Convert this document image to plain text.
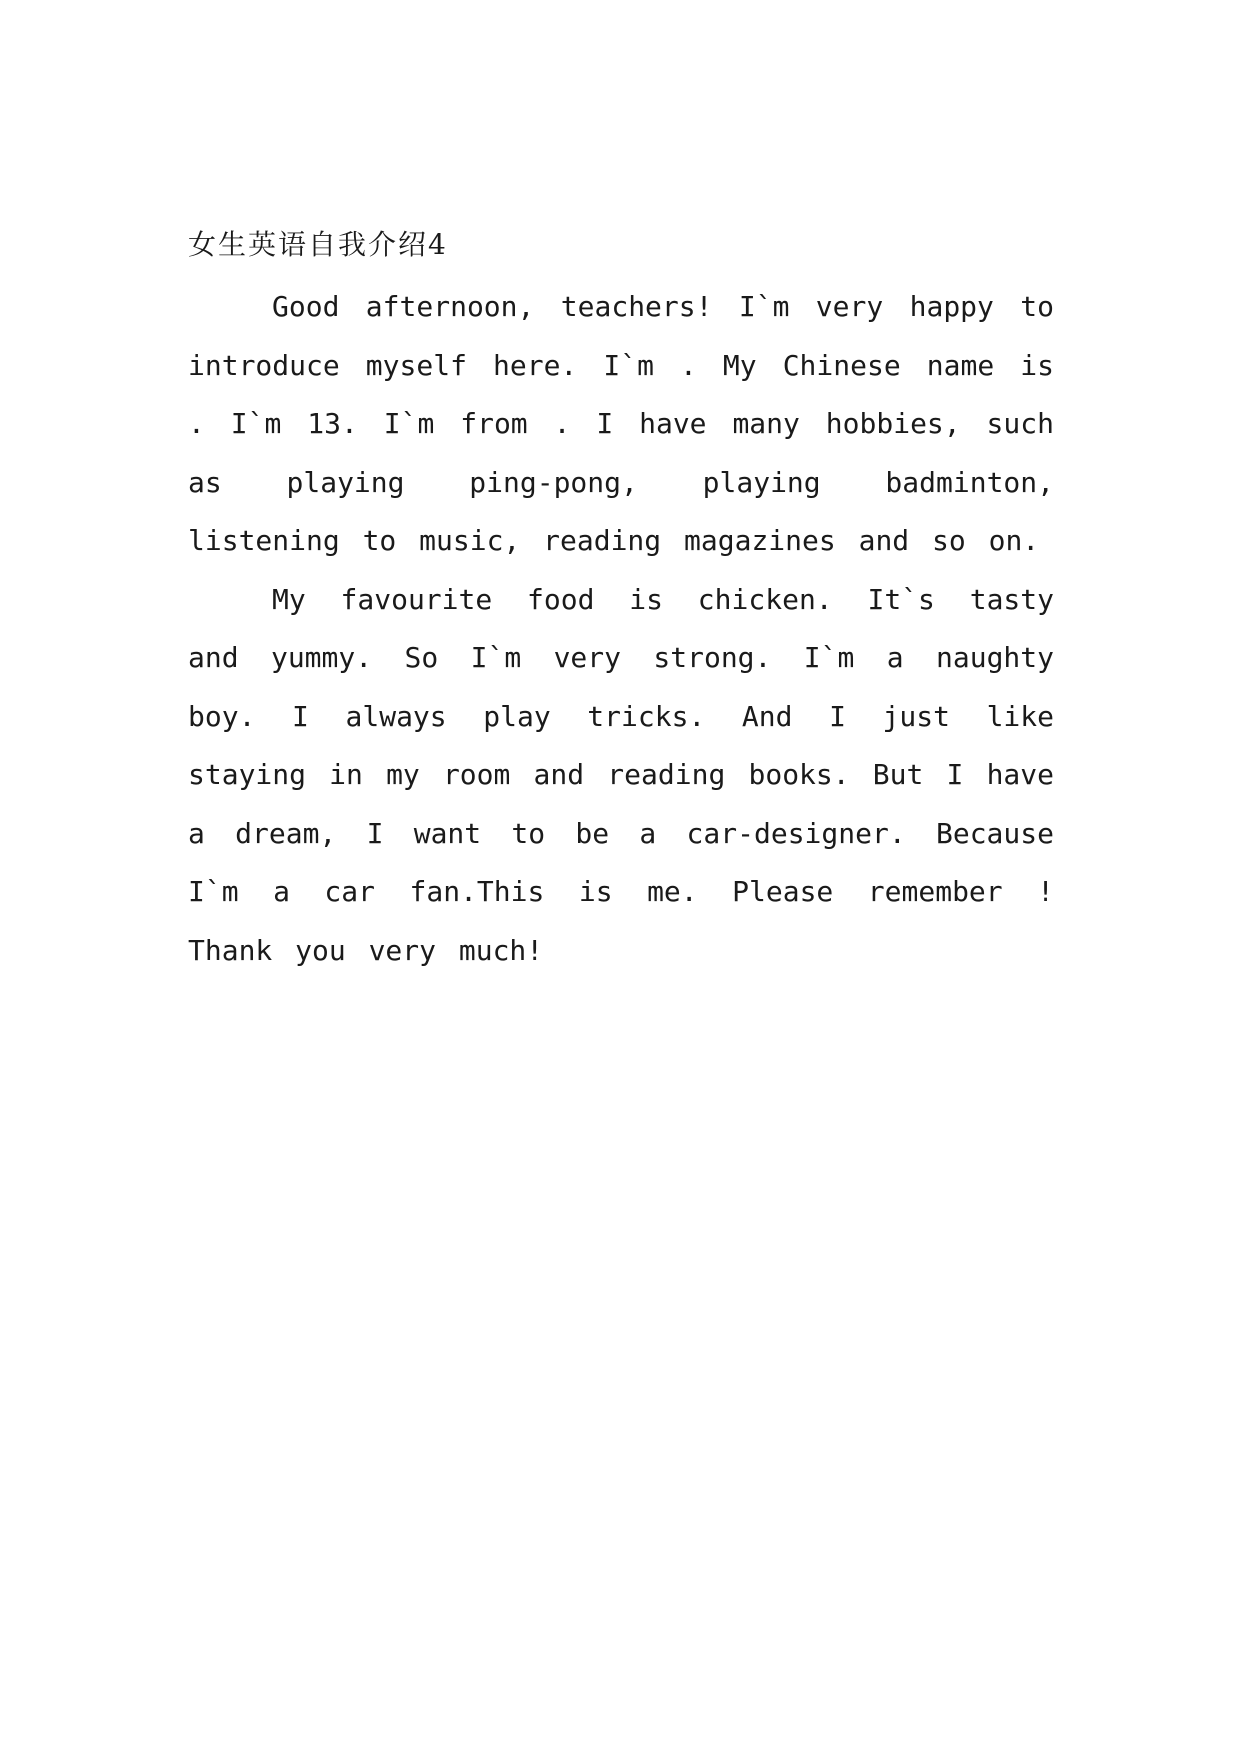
女生英语自我介绍4

Good afternoon, teachers! I`m very happy to introduce myself here. I`m . My Chinese name is . I`m 13. I`m from . I have many hobbies, such as playing ping-pong, playing badminton, listening to music, reading magazines and so on.

My favourite food is chicken. It`s tasty and yummy. So I`m very strong. I`m a naughty boy. I always play tricks. And I just like staying in my room and reading books. But I have a dream, I want to be a car-designer. Because I`m a car fan.This is me. Please remember ! Thank you very much!
